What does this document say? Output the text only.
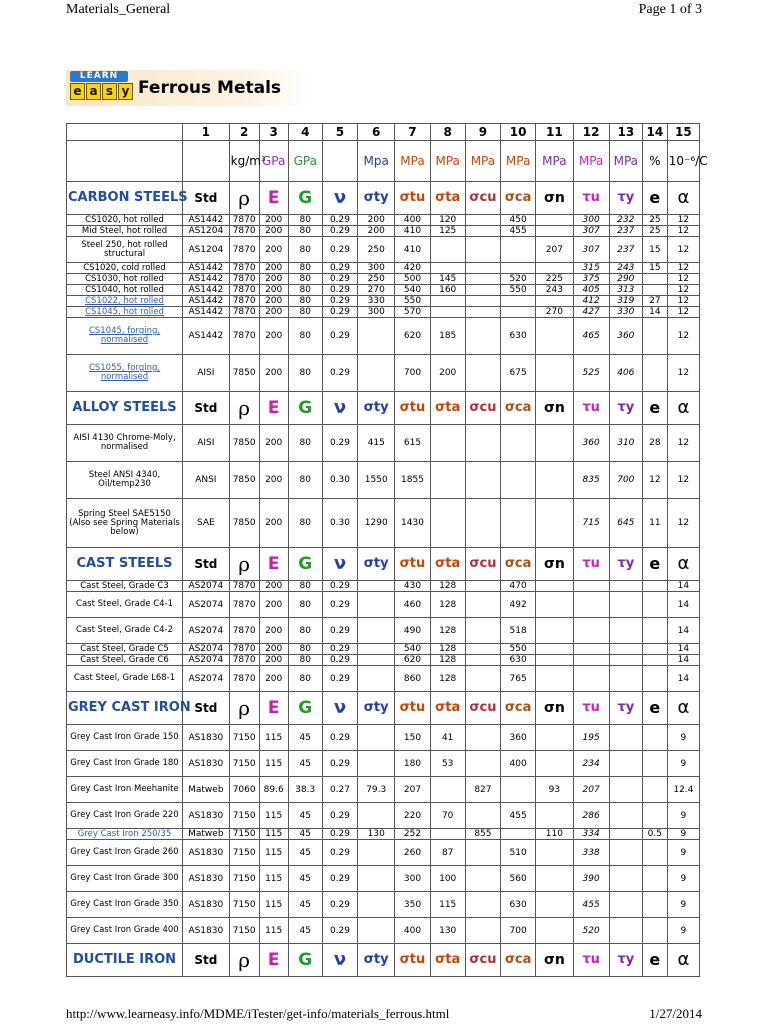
Materials_General	Page 1 of 3
LEARN
e a s y Ferrous Metals
	1	2	3	4	5	6	7	8	9	10	11	12	13	14	15
		kg/m³	GPa	GPa		Mpa	MPa	MPa	MPa	MPa	MPa	MPa	MPa	%	10⁻⁶/C
CARBON STEELS	Std	ρ	E	G	ν	σty	σtu	σta	σcu	σca	σn	τu	τy	e	α
CS1020, hot rolled	AS1442	7870	200	80	0.29	200	400	120		450		300	232	25	12
Mid Steel, hot rolled	AS1204	7870	200	80	0.29	200	410	125		455		307	237	25	12
Steel 250, hot rolled structural	AS1204	7870	200	80	0.29	250	410				207	307	237	15	12
CS1020, cold rolled	AS1442	7870	200	80	0.29	300	420					315	243	15	12
CS1030, hot rolled	AS1442	7870	200	80	0.29	250	500	145		520	225	375	290		12
CS1040, hot rolled	AS1442	7870	200	80	0.29	270	540	160		550	243	405	313		12
CS1022, hot rolled	AS1442	7870	200	80	0.29	330	550					412	319	27	12
CS1045, hot rolled	AS1442	7870	200	80	0.29	300	570				270	427	330	14	12
CS1045, forging, normalised	AS1442	7870	200	80	0.29		620	185		630		465	360		12
CS1055, forging, normalised	AISI	7850	200	80	0.29		700	200		675		525	406		12
ALLOY STEELS	Std	ρ	E	G	ν	σty	σtu	σta	σcu	σca	σn	τu	τy	e	α
AISI 4130 Chrome-Moly, normalised	AISI	7850	200	80	0.29	415	615					360	310	28	12
Steel ANSI 4340, Oil/temp230	ANSI	7850	200	80	0.30	1550	1855					835	700	12	12
Spring Steel SAE5150 (Also see Spring Materials below)	SAE	7850	200	80	0.30	1290	1430					715	645	11	12
CAST STEELS	Std	ρ	E	G	ν	σty	σtu	σta	σcu	σca	σn	τu	τy	e	α
Cast Steel, Grade C3	AS2074	7870	200	80	0.29		430	128		470					14
Cast Steel, Grade C4-1	AS2074	7870	200	80	0.29		460	128		492					14
Cast Steel, Grade C4-2	AS2074	7870	200	80	0.29		490	128		518					14
Cast Steel, Grade C5	AS2074	7870	200	80	0.29		540	128		550					14
Cast Steel, Grade C6	AS2074	7870	200	80	0.29		620	128		630					14
Cast Steel, Grade L68-1	AS2074	7870	200	80	0.29		860	128		765					14
GREY CAST IRON	Std	ρ	E	G	ν	σty	σtu	σta	σcu	σca	σn	τu	τy	e	α
Grey Cast Iron Grade 150	AS1830	7150	115	45	0.29		150	41		360		195			9
Grey Cast Iron Grade 180	AS1830	7150	115	45	0.29		180	53		400		234			9
Grey Cast Iron Meehanite	Matweb	7060	89.6	38.3	0.27	79.3	207		827		93	207			12.4
Grey Cast Iron Grade 220	AS1830	7150	115	45	0.29		220	70		455		286			9
Grey Cast Iron 250/35	Matweb	7150	115	45	0.29	130	252		855		110	334		0.5	9
Grey Cast Iron Grade 260	AS1830	7150	115	45	0.29		260	87		510		338			9
Grey Cast Iron Grade 300	AS1830	7150	115	45	0.29		300	100		560		390			9
Grey Cast Iron Grade 350	AS1830	7150	115	45	0.29		350	115		630		455			9
Grey Cast Iron Grade 400	AS1830	7150	115	45	0.29		400	130		700		520			9
DUCTILE IRON	Std	ρ	E	G	ν	σty	σtu	σta	σcu	σca	σn	τu	τy	e	α
http://www.learneasy.info/MDME/iTester/get-info/materials_ferrous.html	1/27/2014
